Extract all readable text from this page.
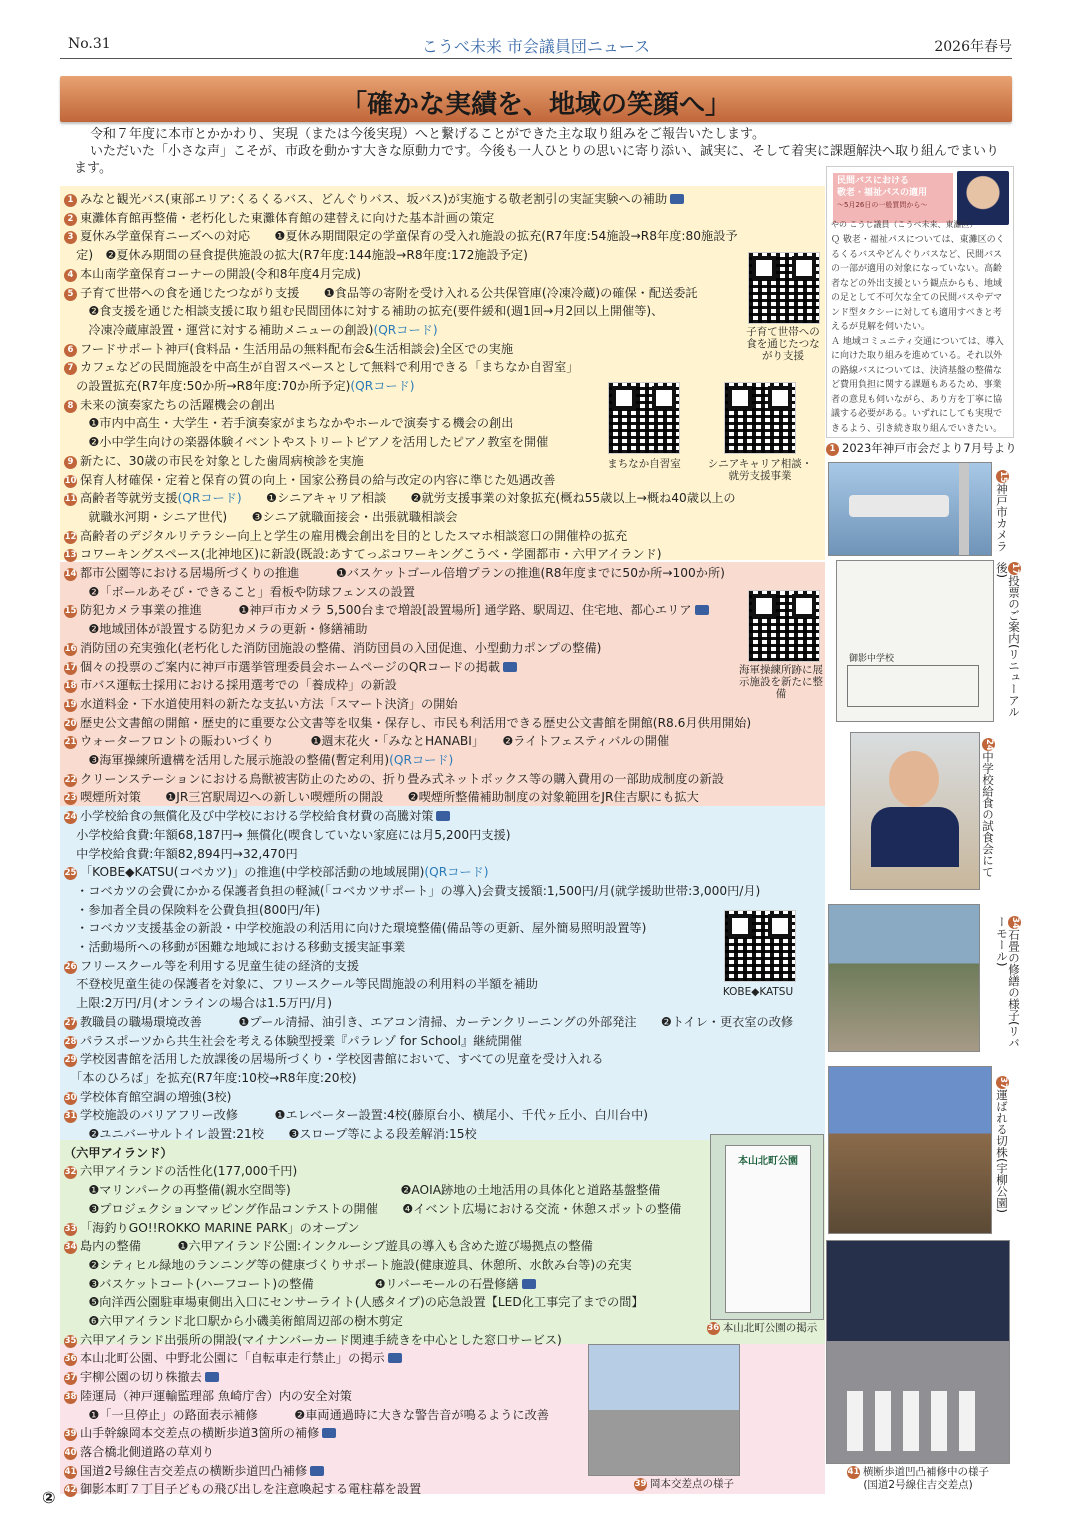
No.31	こうべ未来 市会議員団ニュース	2026年春号
「確かな実績を、地域の笑顔へ」

令和７年度に本市とかかわり、実現（または今後実現）へと繋げることができた主な取り組みをご報告いたします。

いただいた「小さな声」こそが、市政を動かす大きな原動力です。今後も一人ひとりの思いに寄り添い、誠実に、そして着実に課題解決へ取り組んでまいります。

1 みなと観光バス(東部エリア:くるくるバス、どんぐりバス、坂バス)が実施する敬老割引の実証実験への補助
2 東灘体育館再整備・老朽化した東灘体育館の建替えに向けた基本計画の策定
3 夏休み学童保育ニーズへの対応　　❶夏休み期間限定の学童保育の受入れ施設の拡充(R7年度:54施設→R8年度:80施設予
　定)　❷夏休み期間の昼食提供施設の拡大(R7年度:144施設→R8年度:172施設予定)
4 本山南学童保育コーナーの開設(令和8年度4月完成)
5 子育て世帯への食を通じたつながり支援　　❶食品等の寄附を受け入れる公共保管庫(冷凍冷蔵)の確保・配送委託
　　❷食支援を通じた相談支援に取り組む民間団体に対する補助の拡充(要件緩和(週1回→月2回以上開催等)、
　　冷凍冷蔵庫設置・運営に対する補助メニューの創設)(QRコード)
6 フードサポート神戸(食料品・生活用品の無料配布会&生活相談会)全区での実施
7 カフェなどの民間施設を中高生が自習スペースとして無料で利用できる「まちなか自習室」
　の設置拡充(R7年度:50か所→R8年度:70か所予定)(QRコード)
8 未来の演奏家たちの活躍機会の創出
　　❶市内中高生・大学生・若手演奏家がまちなかやホールで演奏する機会の創出
　　❷小中学生向けの楽器体験イベントやストリートピアノを活用したピアノ教室を開催
9 新たに、30歳の市民を対象とした歯周病検診を実施
10 保育人材確保・定着と保育の質の向上・国家公務員の給与改定の内容に準じた処遇改善
11 高齢者等就労支援(QRコード)　　❶シニアキャリア相談　　❷就労支援事業の対象拡充(概ね55歳以上→概ね40歳以上の
　　就職氷河期・シニア世代)　　❸シニア就職面接会・出張就職相談会
12 高齢者のデジタルリテラシー向上と学生の雇用機会創出を目的としたスマホ相談窓口の開催枠の拡充
13 コワーキングスペース(北神地区)に新設(既設:あすてっぷコワーキングこうべ・学園都市・六甲アイランド)
14 都市公園等における居場所づくりの推進　　　❶バスケットゴール倍増プランの推進(R8年度までに50か所→100か所)
　　❷「ボールあそび・できること」看板や防球フェンスの設置
15 防犯カメラ事業の推進　　　❶神戸市カメラ 5,500台まで増設[設置場所] 通学路、駅周辺、住宅地、都心エリア
　　❷地域団体が設置する防犯カメラの更新・修繕補助
16 消防団の充実強化(老朽化した消防団施設の整備、消防団員の入団促進、小型動力ポンプの整備)
17 個々の投票のご案内に神戸市選挙管理委員会ホームページのQRコードの掲載
18 市バス運転士採用における採用選考での「養成枠」の新設
19 水道料金・下水道使用料の新たな支払い方法「スマート決済」の開始
20 歴史公文書館の開館・歴史的に重要な公文書等を収集・保存し、市民も利活用できる歴史公文書館を開館(R8.6月供用開始)
21 ウォーターフロントの賑わいづくり　　　❶週末花火・「みなとHANABI」　　❷ライトフェスティバルの開催
　　❸海軍操練所遺構を活用した展示施設の整備(暫定利用)(QRコード)
22 クリーンステーションにおける鳥獣被害防止のための、折り畳み式ネットボックス等の購入費用の一部助成制度の新設
23 喫煙所対策　　❶JR三宮駅周辺への新しい喫煙所の開設　　❷喫煙所整備補助制度の対象範囲をJR住吉駅にも拡大
24 小学校給食の無償化及び中学校における学校給食材費の高騰対策
　小学校給食費:年額68,187円→ 無償化(喫食していない家庭には月5,200円支援)
　中学校給食費:年額82,894円→32,470円
25 「KOBE◆KATSU(コベカツ)」の推進(中学校部活動の地域展開)(QRコード)
　・コベカツの会費にかかる保護者負担の軽減(「コベカツサポート」の導入)会費支援額:1,500円/月(就学援助世帯:3,000円/月)
　・参加者全員の保険料を公費負担(800円/年)
　・コベカツ支援基金の新設・中学校施設の利活用に向けた環境整備(備品等の更新、屋外簡易照明設置等)
　・活動場所への移動が困難な地域における移動支援実証事業
26 フリースクール等を利用する児童生徒の経済的支援
　不登校児童生徒の保護者を対象に、フリースクール等民間施設の利用料の半額を補助
　上限:2万円/月(オンラインの場合は1.5万円/月)
27 教職員の職場環境改善　　　❶プール清掃、油引き、エアコン清掃、カーテンクリーニングの外部発注　　❷トイレ・更衣室の改修
28 パラスポーツから共生社会を考える体験型授業『パラレゾ for School』継続開催
29 学校図書館を活用した放課後の居場所づくり・学校図書館において、すべての児童を受け入れる
　「本のひろば」を拡充(R7年度:10校→R8年度:20校)
30 学校体育館空調の増強(3校)
31 学校施設のバリアフリー改修　　　❶エレベーター設置:4校(藤原台小、横尾小、千代ヶ丘小、白川台中)
　　❷ユニバーサルトイレ設置:21校　　❸スロープ等による段差解消:15校
（六甲アイランド）
32 六甲アイランドの活性化(177,000千円)
　　❶マリンパークの再整備(親水空間等)　　　　　　　　　❷AOIA跡地の土地活用の具体化と道路基盤整備
　　❸プロジェクションマッピング作品コンテストの開催　　❹イベント広場における交流・休憩スポットの整備
33 「海釣りGO!!ROKKO MARINE PARK」のオープン
34 島内の整備　　　❶六甲アイランド公園:インクルーシブ遊具の導入も含めた遊び場拠点の整備
　　❷シティヒル緑地のランニング等の健康づくりサポート施設(健康遊具、休憩所、水飲み台等)の充実
　　❸バスケットコート(ハーフコート)の整備　　　　　❹リバーモールの石畳修繕
　　❺向洋西公園駐車場東側出入口にセンサーライト(人感タイプ)の応急設置【LED化工事完了までの間】
　　❻六甲アイランド北口駅から小磯美術館周辺部の樹木剪定
35 六甲アイランド出張所の開設(マイナンバーカード関連手続きを中心とした窓口サービス)
36 本山北町公園、中野北公園に「自転車走行禁止」の掲示
37 宇柳公園の切り株撤去
38 陸運局（神戸運輸監理部 魚崎庁舎）内の安全対策
　　❶「一旦停止」の路面表示補修　　　❷車両通過時に大きな警告音が鳴るように改善
39 山手幹線岡本交差点の横断歩道3箇所の補修
40 落合橋北側道路の草刈り
41 国道2号線住吉交差点の横断歩道凹凸補修
42 御影本町７丁目子どもの飛び出しを注意喚起する電柱幕を設置
子育て世帯への食を通じたつながり支援
まちなか自習室	シニアキャリア相談・就労支援事業
海軍操練所跡に展示施設を新たに整備
KOBE◆KATSU
民間バスにおける
敬老・福祉パスの適用
～5月26日の一般質問から～
やの こうじ議員（こうべ未来、東灘区）
Ｑ 敬老・福祉パスについては、東灘区のくるくるバスやどんぐりバスなど、民間バスの一部が適用の対象になっていない。高齢者などの外出支援という観点からも、地域の足として不可欠な全ての民間バスやデマンド型タクシーに対しても適用すべきと考えるが見解を伺いたい。
Ａ 地域コミュニティ交通については、導入に向けた取り組みを進めている。それ以外の路線バスについては、決済基盤の整備など費用負担に関する課題もあるため、事業者の意見も伺いながら、あり方を丁寧に協議する必要がある。いずれにしても実現できるよう、引き続き取り組んでいきたい。
1 2023年神戸市会だより7月号より
15神戸市カメラ
御影中学校
17投票のご案内(リニューアル後)
24中学校給食の試食会にて
34石畳の修繕の様子(リバーモール)
37運ばれる切株(宇柳公園)
本山北町公園
36 本山北町公園の掲示
39 岡本交差点の様子
41 横断歩道凹凸補修中の様子
(国道2号線住吉交差点)
②
